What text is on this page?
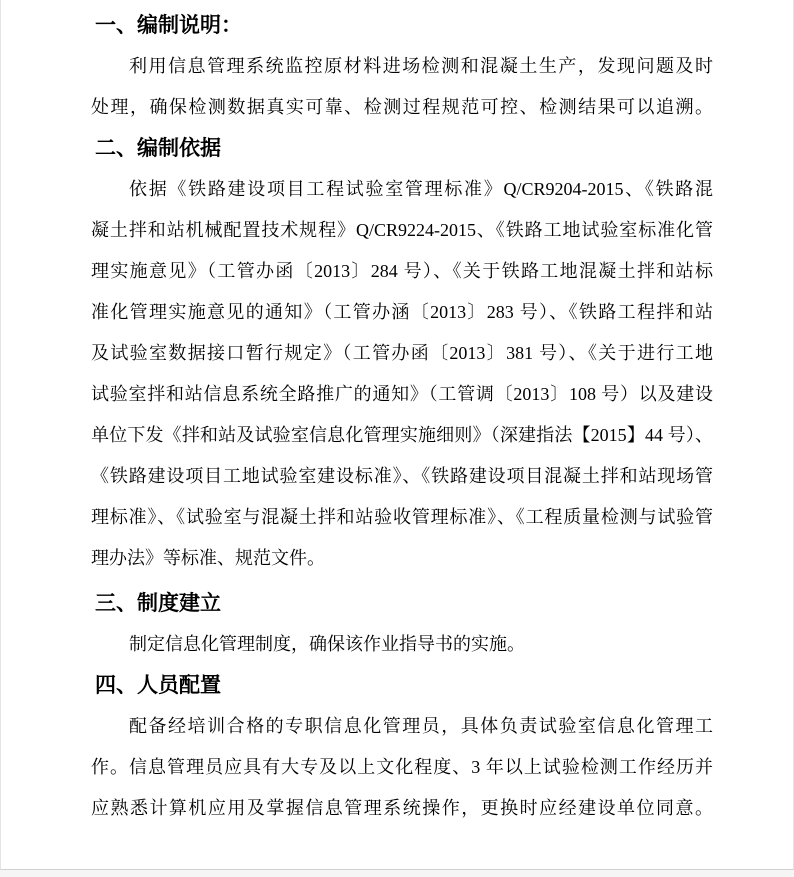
一、编制说明：
利用信息管理系统监控原材料进场检测和混凝土生产，发现问题及时
处理，确保检测数据真实可靠、检测过程规范可控、检测结果可以追溯。
二、编制依据
依据《铁路建设项目工程试验室管理标准》Q/CR9204-2015、《铁路混
凝土拌和站机械配置技术规程》Q/CR9224-2015、《铁路工地试验室标准化管
理实施意见》（工管办函〔2013〕284 号）、《关于铁路工地混凝土拌和站标
准化管理实施意见的通知》（工管办涵〔2013〕283 号）、《铁路工程拌和站
及试验室数据接口暂行规定》（工管办函〔2013〕381 号）、《关于进行工地
试验室拌和站信息系统全路推广的通知》（工管调〔2013〕108 号）以及建设
单位下发《拌和站及试验室信息化管理实施细则》（深建指法【2015】44 号）、
《铁路建设项目工地试验室建设标准》、《铁路建设项目混凝土拌和站现场管
理标准》、《试验室与混凝土拌和站验收管理标准》、《工程质量检测与试验管
理办法》等标准、规范文件。
三、制度建立
制定信息化管理制度，确保该作业指导书的实施。
四、人员配置
配备经培训合格的专职信息化管理员，具体负责试验室信息化管理工
作。信息管理员应具有大专及以上文化程度、3 年以上试验检测工作经历并
应熟悉计算机应用及掌握信息管理系统操作，更换时应经建设单位同意。
